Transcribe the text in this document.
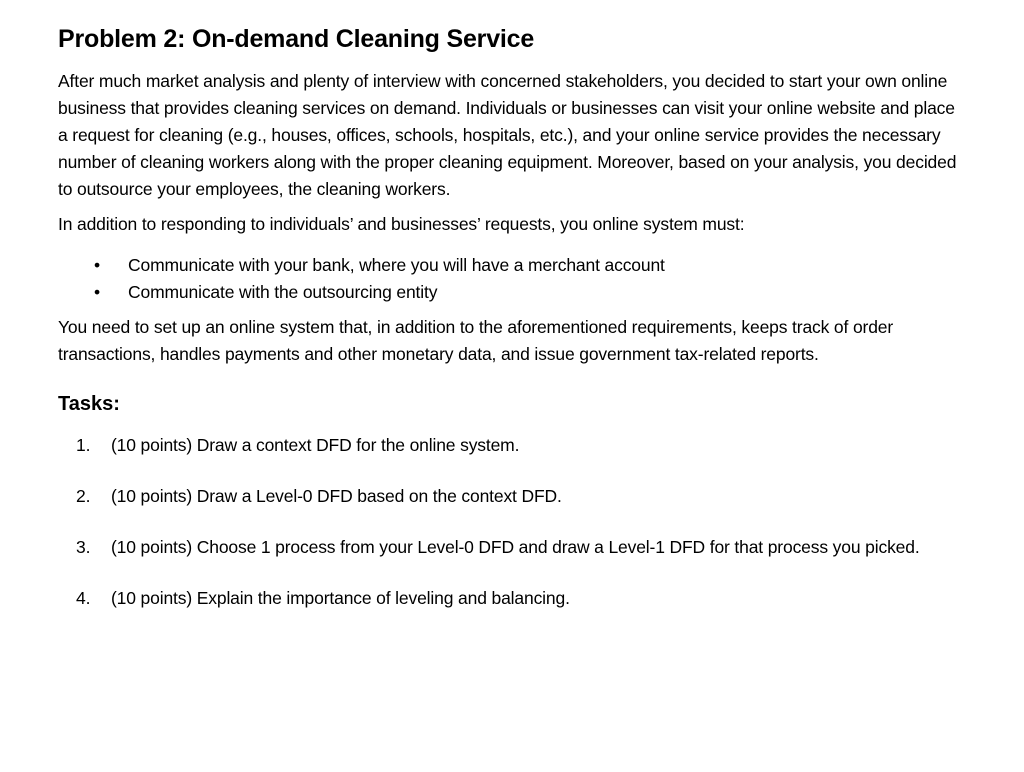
Problem 2: On-demand Cleaning Service

After much market analysis and plenty of interview with concerned stakeholders, you decided to start your own online business that provides cleaning services on demand. Individuals or businesses can visit your online website and place a request for cleaning (e.g., houses, offices, schools, hospitals, etc.), and your online service provides the necessary number of cleaning workers along with the proper cleaning equipment. Moreover, based on your analysis, you decided to outsource your employees, the cleaning workers.

In addition to responding to individuals’ and businesses’ requests, you online system must:

• Communicate with your bank, where you will have a merchant account
• Communicate with the outsourcing entity

You need to set up an online system that, in addition to the aforementioned requirements, keeps track of order transactions, handles payments and other monetary data, and issue government tax-related reports.

Tasks:
1. (10 points) Draw a context DFD for the online system.
2. (10 points) Draw a Level-0 DFD based on the context DFD.
3. (10 points) Choose 1 process from your Level-0 DFD and draw a Level-1 DFD for that process you picked.
4. (10 points) Explain the importance of leveling and balancing.
